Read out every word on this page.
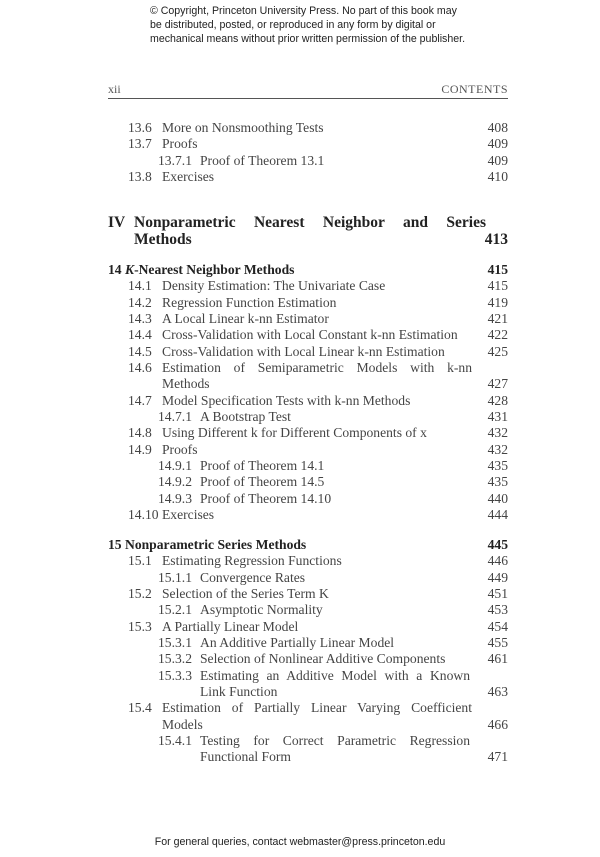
© Copyright, Princeton University Press. No part of this book may be distributed, posted, or reproduced in any form by digital or mechanical means without prior written permission of the publisher.
xii	CONTENTS
13.6 More on Nonsmoothing Tests	408
13.7 Proofs	409
13.7.1 Proof of Theorem 13.1	409
13.8 Exercises	410
IV Nonparametric Nearest Neighbor and Series Methods	413
14 K-Nearest Neighbor Methods	415
14.1 Density Estimation: The Univariate Case	415
14.2 Regression Function Estimation	419
14.3 A Local Linear k-nn Estimator	421
14.4 Cross-Validation with Local Constant k-nn Estimation	422
14.5 Cross-Validation with Local Linear k-nn Estimation	425
14.6 Estimation of Semiparametric Models with k-nn Methods	427
14.7 Model Specification Tests with k-nn Methods	428
14.7.1 A Bootstrap Test	431
14.8 Using Different k for Different Components of x	432
14.9 Proofs	432
14.9.1 Proof of Theorem 14.1	435
14.9.2 Proof of Theorem 14.5	435
14.9.3 Proof of Theorem 14.10	440
14.10 Exercises	444
15 Nonparametric Series Methods	445
15.1 Estimating Regression Functions	446
15.1.1 Convergence Rates	449
15.2 Selection of the Series Term K	451
15.2.1 Asymptotic Normality	453
15.3 A Partially Linear Model	454
15.3.1 An Additive Partially Linear Model	455
15.3.2 Selection of Nonlinear Additive Components	461
15.3.3 Estimating an Additive Model with a Known Link Function	463
15.4 Estimation of Partially Linear Varying Coefficient Models	466
15.4.1 Testing for Correct Parametric Regression Functional Form	471
For general queries, contact webmaster@press.princeton.edu
